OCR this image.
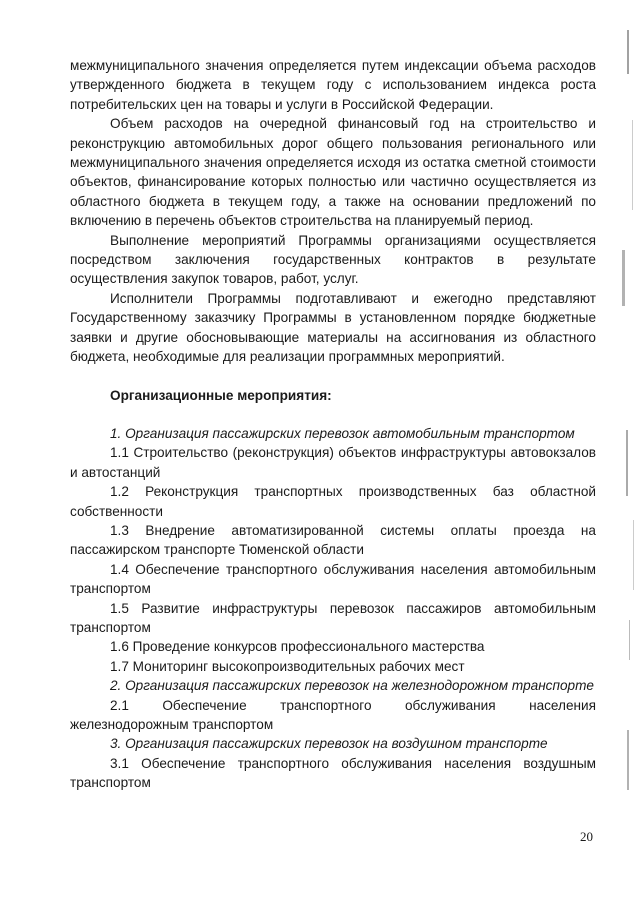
межмуниципального значения определяется путем индексации объема расходов утвержденного бюджета в текущем году с использованием индекса роста потребительских цен на товары и услуги в Российской Федерации.

Объем расходов на очередной финансовый год на строительство и реконструкцию автомобильных дорог общего пользования регионального или межмуниципального значения определяется исходя из остатка сметной стоимости объектов, финансирование которых полностью или частично осуществляется из областного бюджета в текущем году, а также на основании предложений по включению в перечень объектов строительства на планируемый период.

Выполнение мероприятий Программы организациями осуществляется посредством заключения государственных контрактов в результате осуществления закупок товаров, работ, услуг.

Исполнители Программы подготавливают и ежегодно представляют Государственному заказчику Программы в установленном порядке бюджетные заявки и другие обосновывающие материалы на ассигнования из областного бюджета, необходимые для реализации программных мероприятий.

Организационные мероприятия:

1. Организация пассажирских перевозок автомобильным транспортом

1.1 Строительство (реконструкция) объектов инфраструктуры автовокзалов и автостанций

1.2 Реконструкция транспортных производственных баз областной собственности

1.3 Внедрение автоматизированной системы оплаты проезда на пассажирском транспорте Тюменской области

1.4 Обеспечение транспортного обслуживания населения автомобильным транспортом

1.5 Развитие инфраструктуры перевозок пассажиров автомобильным транспортом

1.6 Проведение конкурсов профессионального мастерства

1.7 Мониторинг высокопроизводительных рабочих мест

2. Организация пассажирских перевозок на железнодорожном транспорте

2.1 Обеспечение транспортного обслуживания населения железнодорожным транспортом

3. Организация пассажирских перевозок на воздушном транспорте

3.1 Обеспечение транспортного обслуживания населения воздушным транспортом

20
